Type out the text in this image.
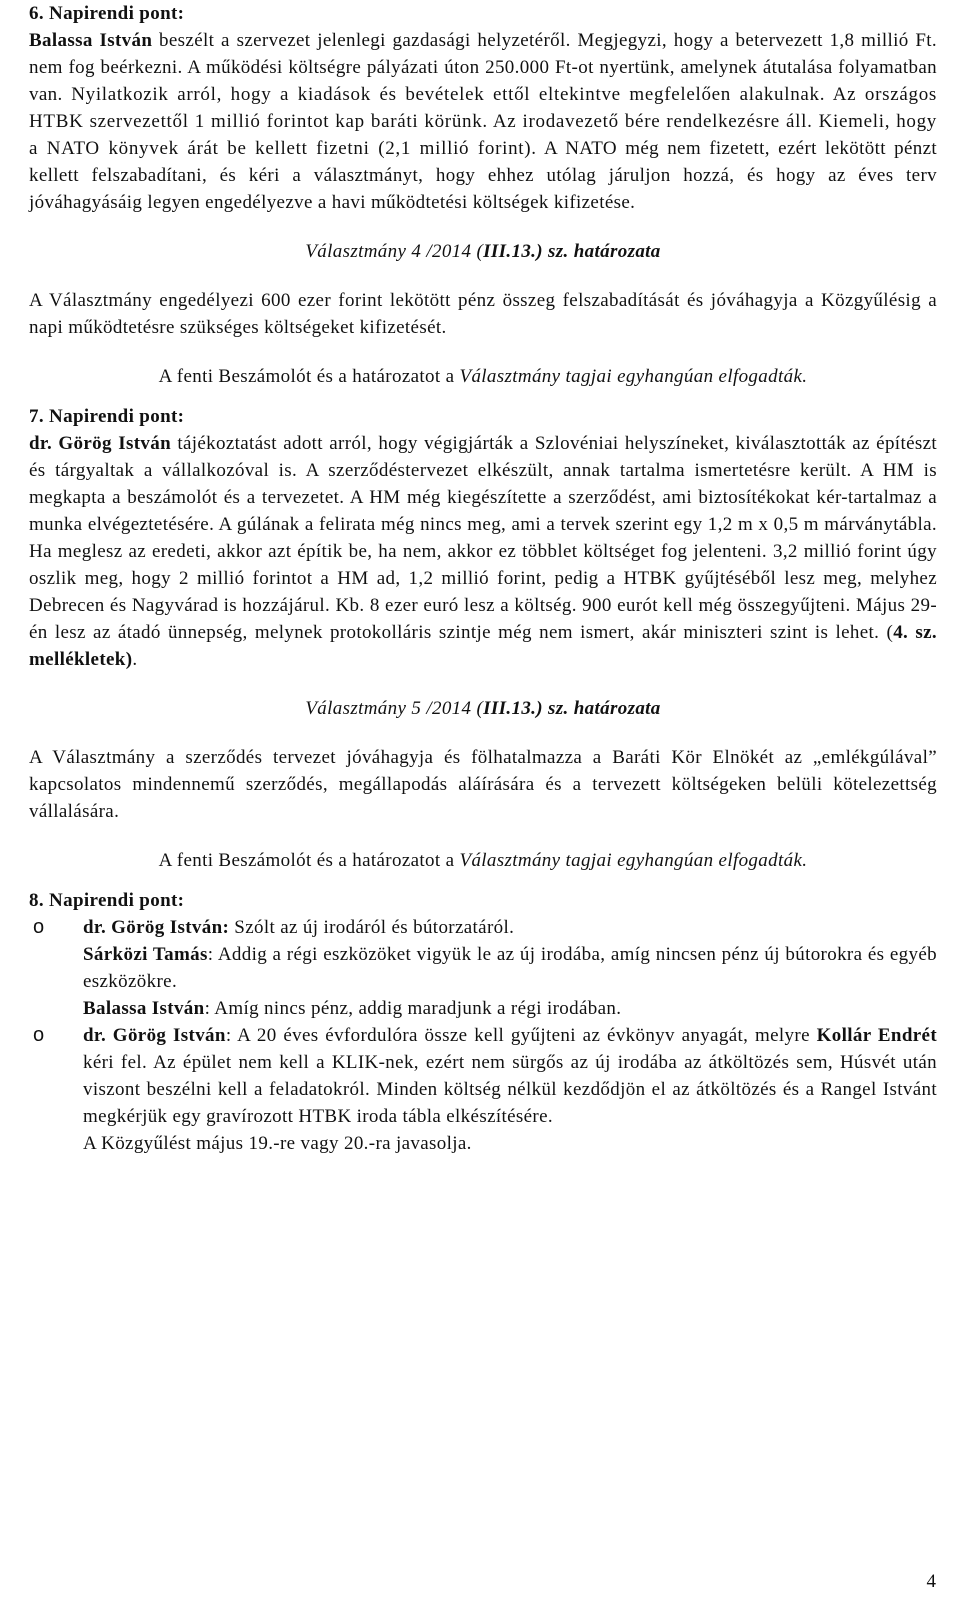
6. Napirendi pont:

Balassa István beszélt a szervezet jelenlegi gazdasági helyzetéről. Megjegyzi, hogy a betervezett 1,8 millió Ft. nem fog beérkezni. A működési költségre pályázati úton 250.000 Ft-ot nyertünk, amelynek átutalása folyamatban van. Nyilatkozik arról, hogy a kiadások és bevételek ettől eltekintve megfelelően alakulnak. Az országos HTBK szervezettől 1 millió forintot kap baráti körünk. Az irodavezető bére rendelkezésre áll. Kiemeli, hogy a NATO könyvek árát be kellett fizetni (2,1 millió forint). A NATO még nem fizetett, ezért lekötött pénzt kellett felszabadítani, és kéri a választmányt, hogy ehhez utólag járuljon hozzá, és hogy az éves terv jóváhagyásáig legyen engedélyezve a havi működtetési költségek kifizetése.

Választmány 4 /2014 (III.13.) sz. határozata

A Választmány engedélyezi 600 ezer forint lekötött pénz összeg felszabadítását és jóváhagyja a Közgyűlésig a napi működtetésre szükséges költségeket kifizetését.

A fenti Beszámolót és a határozatot a Választmány tagjai egyhangúan elfogadták.

7. Napirendi pont:

dr. Görög István tájékoztatást adott arról, hogy végigjárták a Szlovéniai helyszíneket, kiválasztották az építészt és tárgyaltak a vállalkozóval is. A szerződéstervezet elkészült, annak tartalma ismertetésre került. A HM is megkapta a beszámolót és a tervezetet. A HM még kiegészítette a szerződést, ami biztosítékokat kér-tartalmaz a munka elvégeztetésére. A gúlának a felirata még nincs meg, ami a tervek szerint egy 1,2 m x 0,5 m márványtábla. Ha meglesz az eredeti, akkor azt építik be, ha nem, akkor ez többlet költséget fog jelenteni. 3,2 millió forint úgy oszlik meg, hogy 2 millió forintot a HM ad, 1,2 millió forint, pedig a HTBK gyűjtéséből lesz meg, melyhez Debrecen és Nagyvárad is hozzájárul. Kb. 8 ezer euró lesz a költség. 900 eurót kell még összegyűjteni. Május 29-én lesz az átadó ünnepség, melynek protokolláris szintje még nem ismert, akár miniszteri szint is lehet. (4. sz. mellékletek).

Választmány 5 /2014 (III.13.) sz. határozata

A Választmány a szerződés tervezet jóváhagyja és fölhatalmazza a Baráti Kör Elnökét az „emlékgúlával” kapcsolatos mindennemű szerződés, megállapodás aláírására és a tervezett költségeken belüli kötelezettség vállalására.

A fenti Beszámolót és a határozatot a Választmány tagjai egyhangúan elfogadták.

8. Napirendi pont:

o dr. Görög István: Szólt az új irodáról és bútorzatáról.

Sárközi Tamás: Addig a régi eszközöket vigyük le az új irodába, amíg nincsen pénz új bútorokra és egyéb eszközökre.

Balassa István: Amíg nincs pénz, addig maradjunk a régi irodában.

o dr. Görög István: A 20 éves évfordulóra össze kell gyűjteni az évkönyv anyagát, melyre Kollár Endrét kéri fel. Az épület nem kell a KLIK-nek, ezért nem sürgős az új irodába az átköltözés sem, Húsvét után viszont beszélni kell a feladatokról. Minden költség nélkül kezdődjön el az átköltözés és a Rangel Istvánt megkérjük egy gravírozott HTBK iroda tábla elkészítésére.

A Közgyűlést május 19.-re vagy 20.-ra javasolja.

4
